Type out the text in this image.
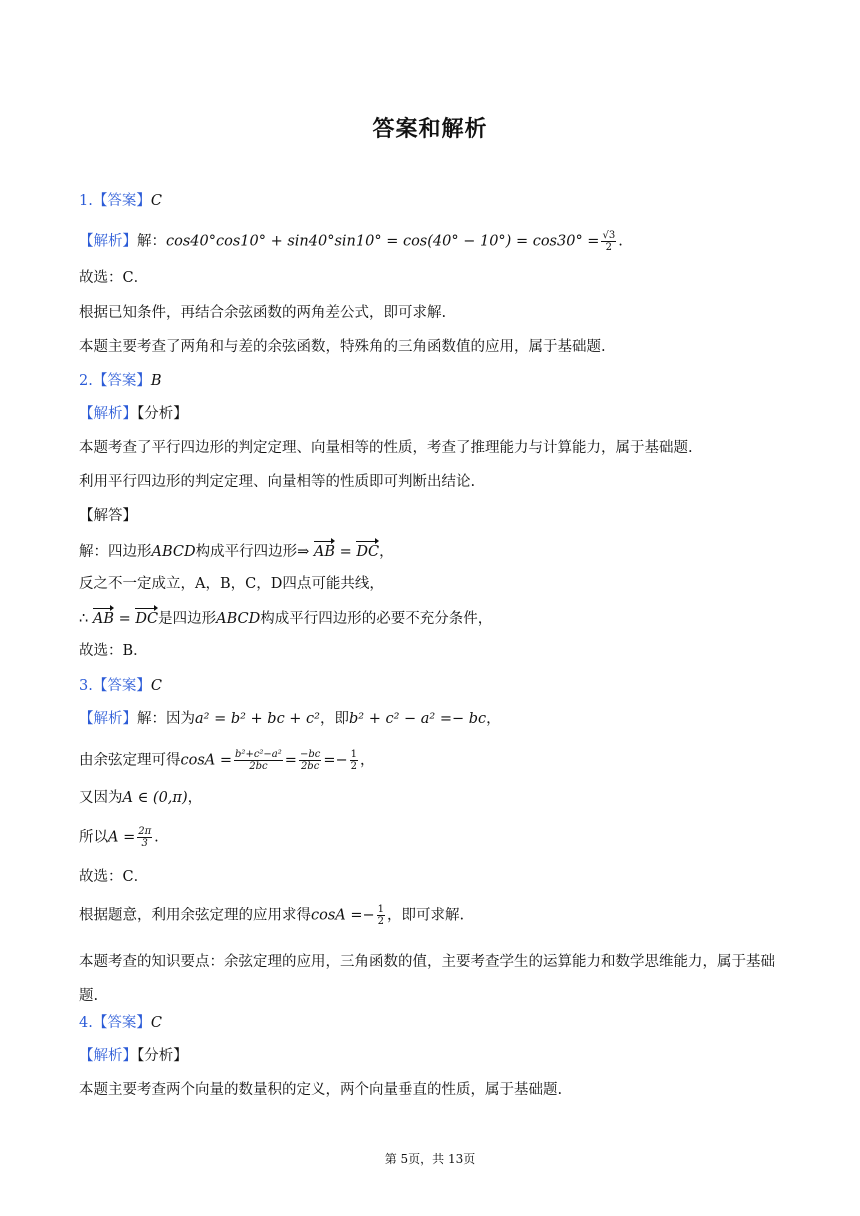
答案和解析
1.【答案】C
【解析】解：$\cos 40^\circ\cos 10^\circ + \sin 40^\circ\sin 10^\circ = \cos(40^\circ - 10^\circ) = \cos 30^\circ = \frac{√3}{2}$ .
故选：C．
根据已知条件，再结合余弦函数的两角差公式，即可求解.
本题主要考查了两角和与差的余弦函数，特殊角的三角函数值的应用，属于基础题.
2.【答案】B
【解析】【分析】
本题考查了平行四边形的判定定理、向量相等的性质，考查了推理能力与计算能力，属于基础题.
利用平行四边形的判定定理、向量相等的性质即可判断出结论.
【解答】
解：四边形ABCD构成平行四边形⇒ AB = DC，
反之不一定成立，A，B，C，D四点可能共线，
∴ AB = DC是四边形ABCD构成平行四边形的必要不充分条件，
故选：B．
3.【答案】C
【解析】解：因为a² = b² + bc + c²，即b² + c² − a² =− bc，
由余弦定理可得$\cos A = \frac{\text{b²+c²−a²}}{2bc} = \frac{-bc}{2bc} =- \frac{1}{2}$ ，
又因为A ∈ (0,π)，
所以$A = \frac{2\pi}{3}$ .
故选：C．
根据题意，利用余弦定理的应用求得$\cos A =- \frac{1}{2}$ ，即可求解.
本题考查的知识要点：余弦定理的应用，三角函数的值，主要考查学生的运算能力和数学思维能力，属于基础题.
4.【答案】C
【解析】【分析】
本题主要考查两个向量的数量积的定义，两个向量垂直的性质，属于基础题.
第 5页，共 13页
